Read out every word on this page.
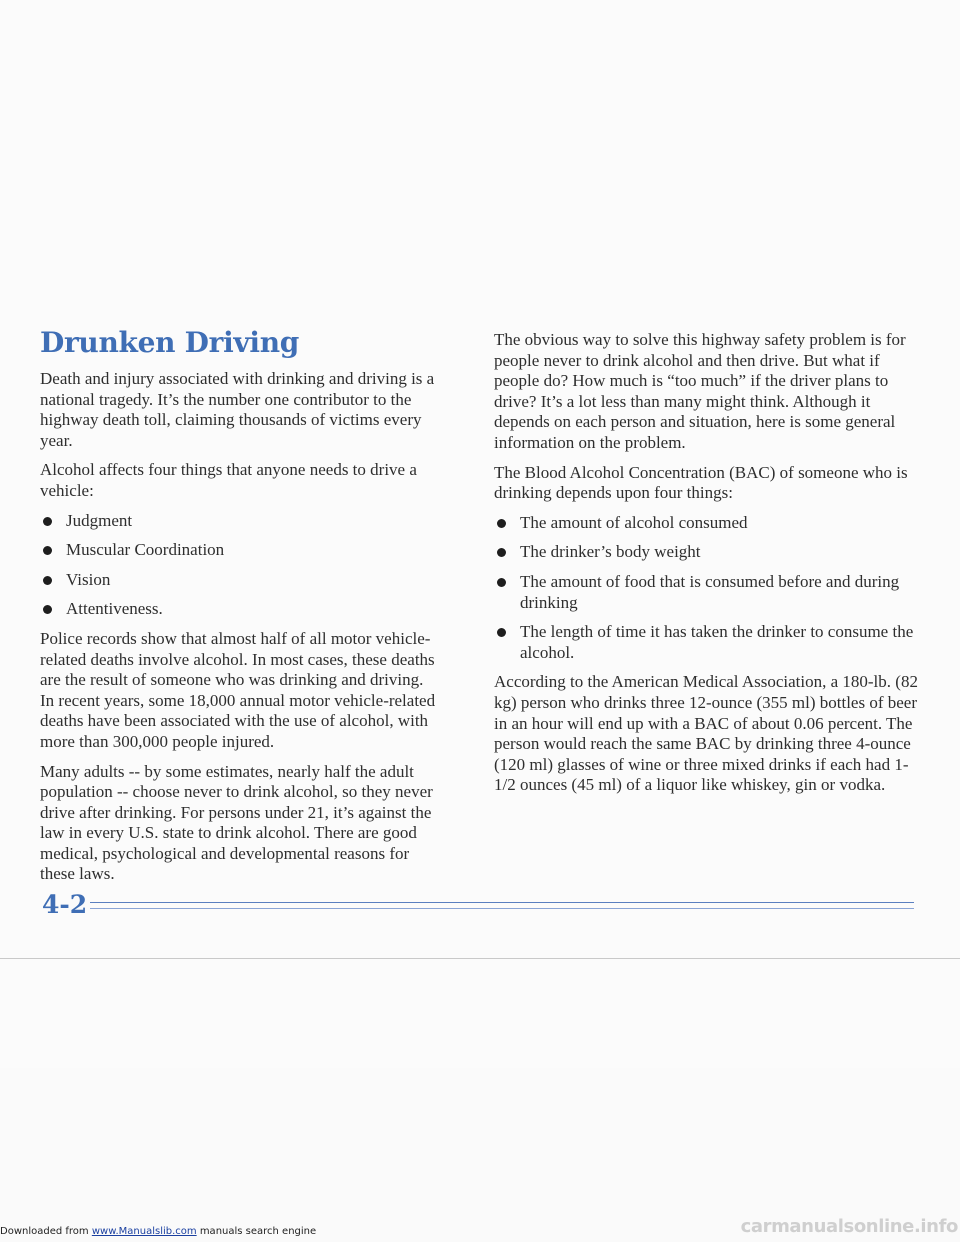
Drunken Driving

Death and injury associated with drinking and driving is a national tragedy. It’s the number one contributor to the highway death toll, claiming thousands of victims every year.

Alcohol affects four things that anyone needs to drive a vehicle:

Judgment
Muscular Coordination
Vision
Attentiveness.

Police records show that almost half of all motor vehicle-related deaths involve alcohol. In most cases, these deaths are the result of someone who was drinking and driving. In recent years, some 18,000 annual motor vehicle-related deaths have been associated with the use of alcohol, with more than 300,000 people injured.

Many adults -- by some estimates, nearly half the adult population -- choose never to drink alcohol, so they never drive after drinking. For persons under 21, it’s against the law in every U.S. state to drink alcohol. There are good medical, psychological and developmental reasons for these laws.

The obvious way to solve this highway safety problem is for people never to drink alcohol and then drive. But what if people do? How much is “too much” if the driver plans to drive? It’s a lot less than many might think. Although it depends on each person and situation, here is some general information on the problem.

The Blood Alcohol Concentration (BAC) of someone who is drinking depends upon four things:

The amount of alcohol consumed
The drinker’s body weight
The amount of food that is consumed before and during drinking
The length of time it has taken the drinker to consume the alcohol.

According to the American Medical Association, a 180-lb. (82 kg) person who drinks three 12-ounce (355 ml) bottles of beer in an hour will end up with a BAC of about 0.06 percent. The person would reach the same BAC by drinking three 4-ounce (120 ml) glasses of wine or three mixed drinks if each had 1-1/2 ounces (45 ml) of a liquor like whiskey, gin or vodka.

4-2
Downloaded from www.Manualslib.com manuals search engine	carmanualsonline.info
